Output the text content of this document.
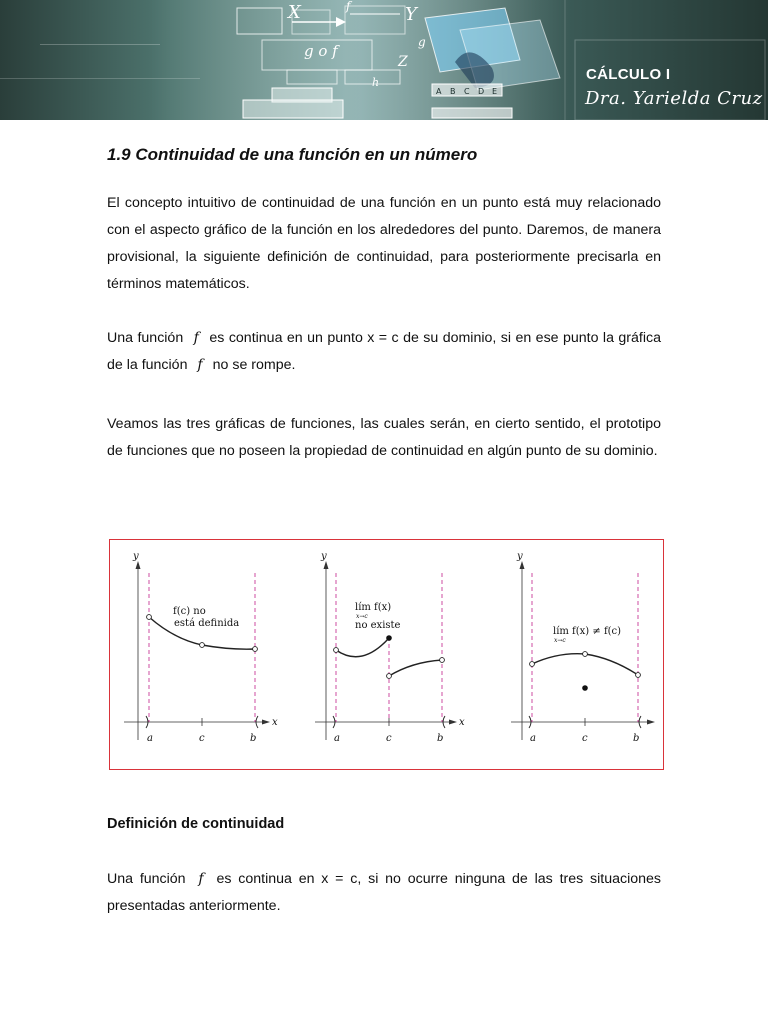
X	f	Y
g o f	g
h
Z
A B C D E
CÁLCULO I
Dra. Yarielda Cruz
1.9 Continuidad de una función en un número

El concepto intuitivo de continuidad de una función en un punto está muy relacionado con el aspecto gráfico de la función en los alrededores del punto. Daremos, de manera provisional, la siguiente definición de continuidad, para posteriormente precisarla en términos matemáticos.

Una función f es continua en un punto x = c de su dominio, si en ese punto la gráfica de la función f no se rompe.

Veamos las tres gráficas de funciones, las cuales serán, en cierto sentido, el prototipo de funciones que no poseen la propiedad de continuidad en algún punto de su dominio.

y
x
a	c	b
f(c) no
está definida
y
x
a	c	b
lím f(x)
x→c
no existe
y
a	c	b
lím f(x) ≠ f(c)
x→c
Definición de continuidad

Una función f es continua en x = c, si no ocurre ninguna de las tres situaciones presentadas anteriormente.
